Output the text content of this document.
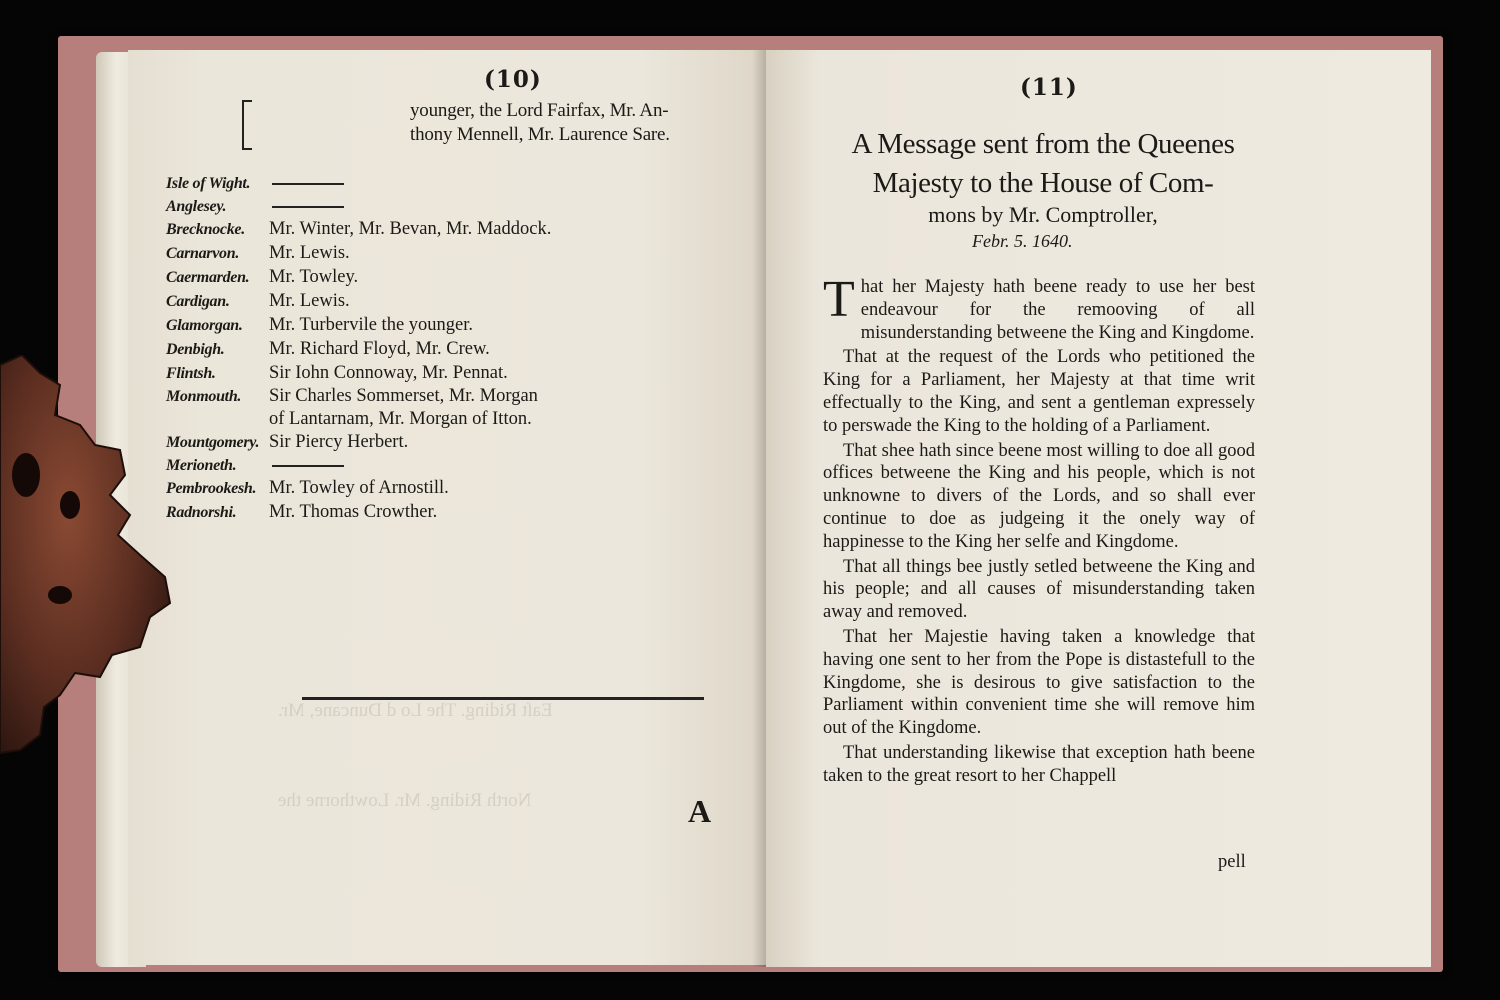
Eaſt Riding. The Lo d Duncane, Mr.
North Riding. Mr. Lowthorne the
(10)
younger, the Lord Fairfax, Mr. An-
thony Mennell, Mr. Laurence Sare.
Isle of Wight.
Anglesey.
Brecknocke. Mr. Winter, Mr. Bevan, Mr. Maddock.
Carnarvon. Mr. Lewis.
Caermarden. Mr. Towley.
Cardigan. Mr. Lewis.
Glamorgan. Mr. Turbervile the younger.
Denbigh. Mr. Richard Floyd, Mr. Crew.
Flintsh.	Sir Iohn Connoway, Mr. Pennat.
Monmouth. Sir Charles Sommerset, Mr. Morgan
of Lantarnam, Mr. Morgan of Itton.
Mountgomery. Sir Piercy Herbert.
Merioneth.
Pembrookesh. Mr. Towley of Arnostill.
Radnorshi. Mr. Thomas Crowther.
A
(11)
A Message sent from the Queenes
Majesty to the House of Com-
mons by Mr. Comptroller,
Febr. 5. 1640.

That her Majesty hath beene ready to use her best endeavour for the remooving of all misunderstanding betweene the King and Kingdome.

That at the request of the Lords who petitioned the King for a Parliament, her Majesty at that time writ effectually to the King, and sent a gentleman expressely to perswade the King to the holding of a Parliament.

That shee hath since beene most willing to doe all good offices betweene the King and his people, which is not unknowne to divers of the Lords, and so shall ever continue to doe as judgeing it the onely way of happinesse to the King her selfe and Kingdome.

That all things bee justly setled betweene the King and his people; and all causes of misunderstanding taken away and removed.

That her Majestie having taken a knowledge that having one sent to her from the Pope is distastefull to the Kingdome, she is desirous to give satisfaction to the Parliament within convenient time she will remove him out of the Kingdome.

That understanding likewise that exception hath beene taken to the great resort to her Chappell

pell
